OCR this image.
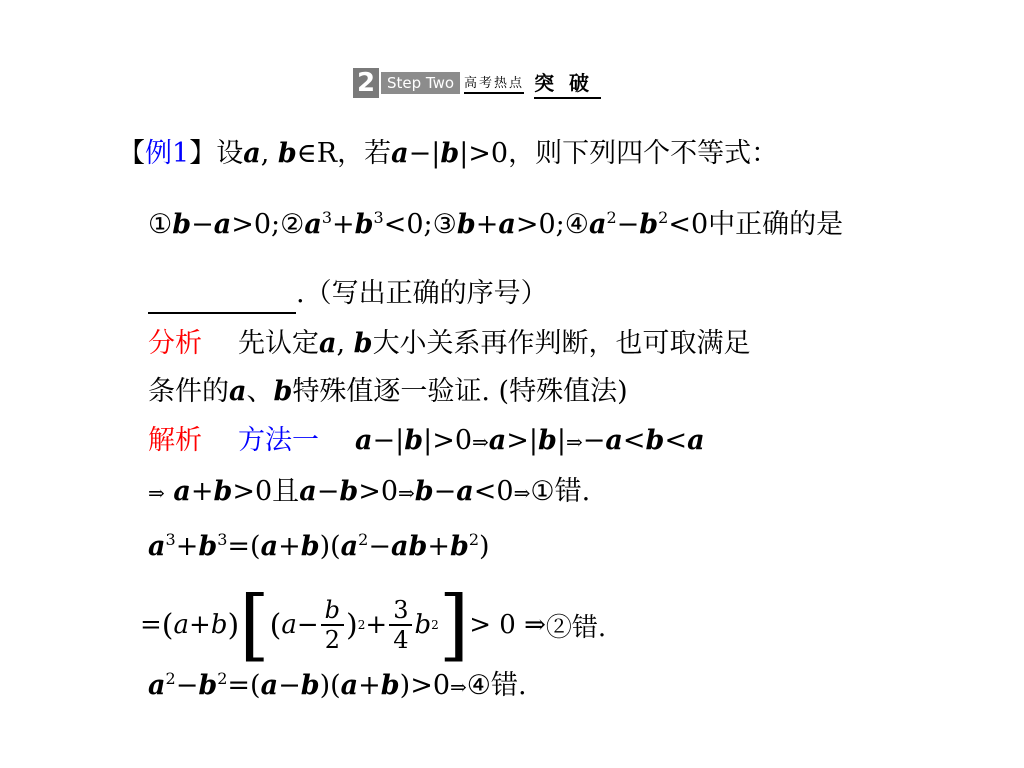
2 Step Two 高考热点 突 破
【例1】设a, b∈R，若a−|b|>0，则下列四个不等式：
$①b-a>0;②a^3+b^3<0;③b+a>0;④a^2-b^2<0$中正确的是
.（写出正确的序号）
分析 先认定a, b大小关系再作判断，也可取满足
条件的a、b特殊值逐一验证. (特殊值法)
解析 方法一 a−|b|>0⇒a>|b|⇒−a<b<a
⇒ a+b>0且a−b>0⇒b−a<0⇒①错.
$a^3+b^3=(a+b)(a^2-ab+b^2)$
= ( a + b ) [ ( $a - \frac{b}{2}$ ) $2 + \frac{3}{4}$ b 2 ] > 0 ⇒ ②错.
$a^2-b^2=(a-b)(a+b)>0\Rightarrow ④$错.
